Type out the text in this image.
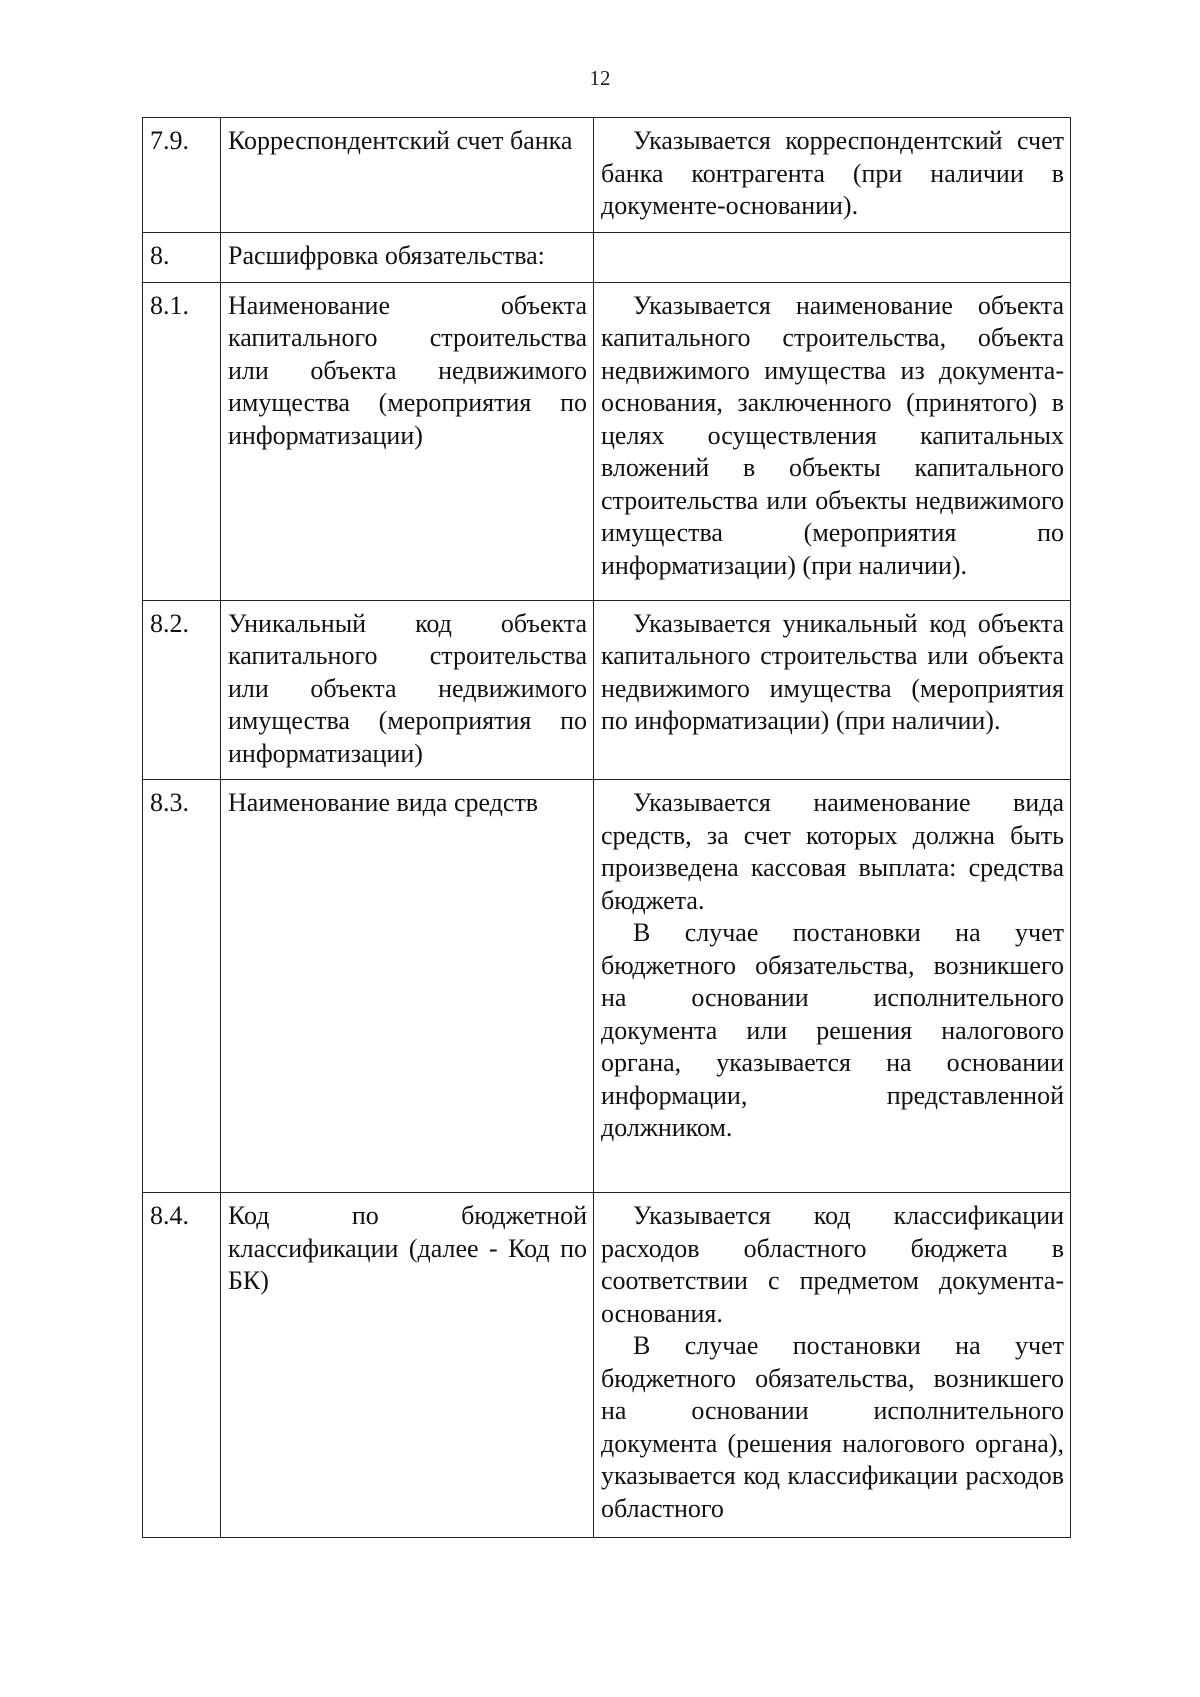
12
7.9.	Корреспондентский счет банка	Указывается корреспондентский счет банка контрагента (при наличии в документе-основании).

8.	Расшифровка обязательства:	
8.1.	Наименование объекта капитального строительства или объекта недвижимого имущества (мероприятия по информатизации)	Указывается наименование объекта капитального строительства, объекта недвижимого имущества из документа-основания, заключенного (принятого) в целях осуществления капитальных вложений в объекты капитального строительства или объекты недвижимого имущества (мероприятия по информатизации) (при наличии).

8.2.	Уникальный код объекта капитального строительства или объекта недвижимого имущества (мероприятия по информатизации)	Указывается уникальный код объекта капитального строительства или объекта недвижимого имущества (мероприятия по информатизации) (при наличии).

8.3.	Наименование вида средств	Указывается наименование вида средств, за счет которых должна быть произведена кассовая выплата: средства бюджета.

В случае постановки на учет бюджетного обязательства, возникшего на основании исполнительного документа или решения налогового органа, указывается на основании информации, представленной должником.

8.4.	Код по бюджетной классификации (далее - Код по БК)	Указывается код классификации расходов областного бюджета в соответствии с предметом документа-основания.

В случае постановки на учет бюджетного обязательства, возникшего на основании исполнительного документа (решения налогового органа), указывается код классификации расходов областного
